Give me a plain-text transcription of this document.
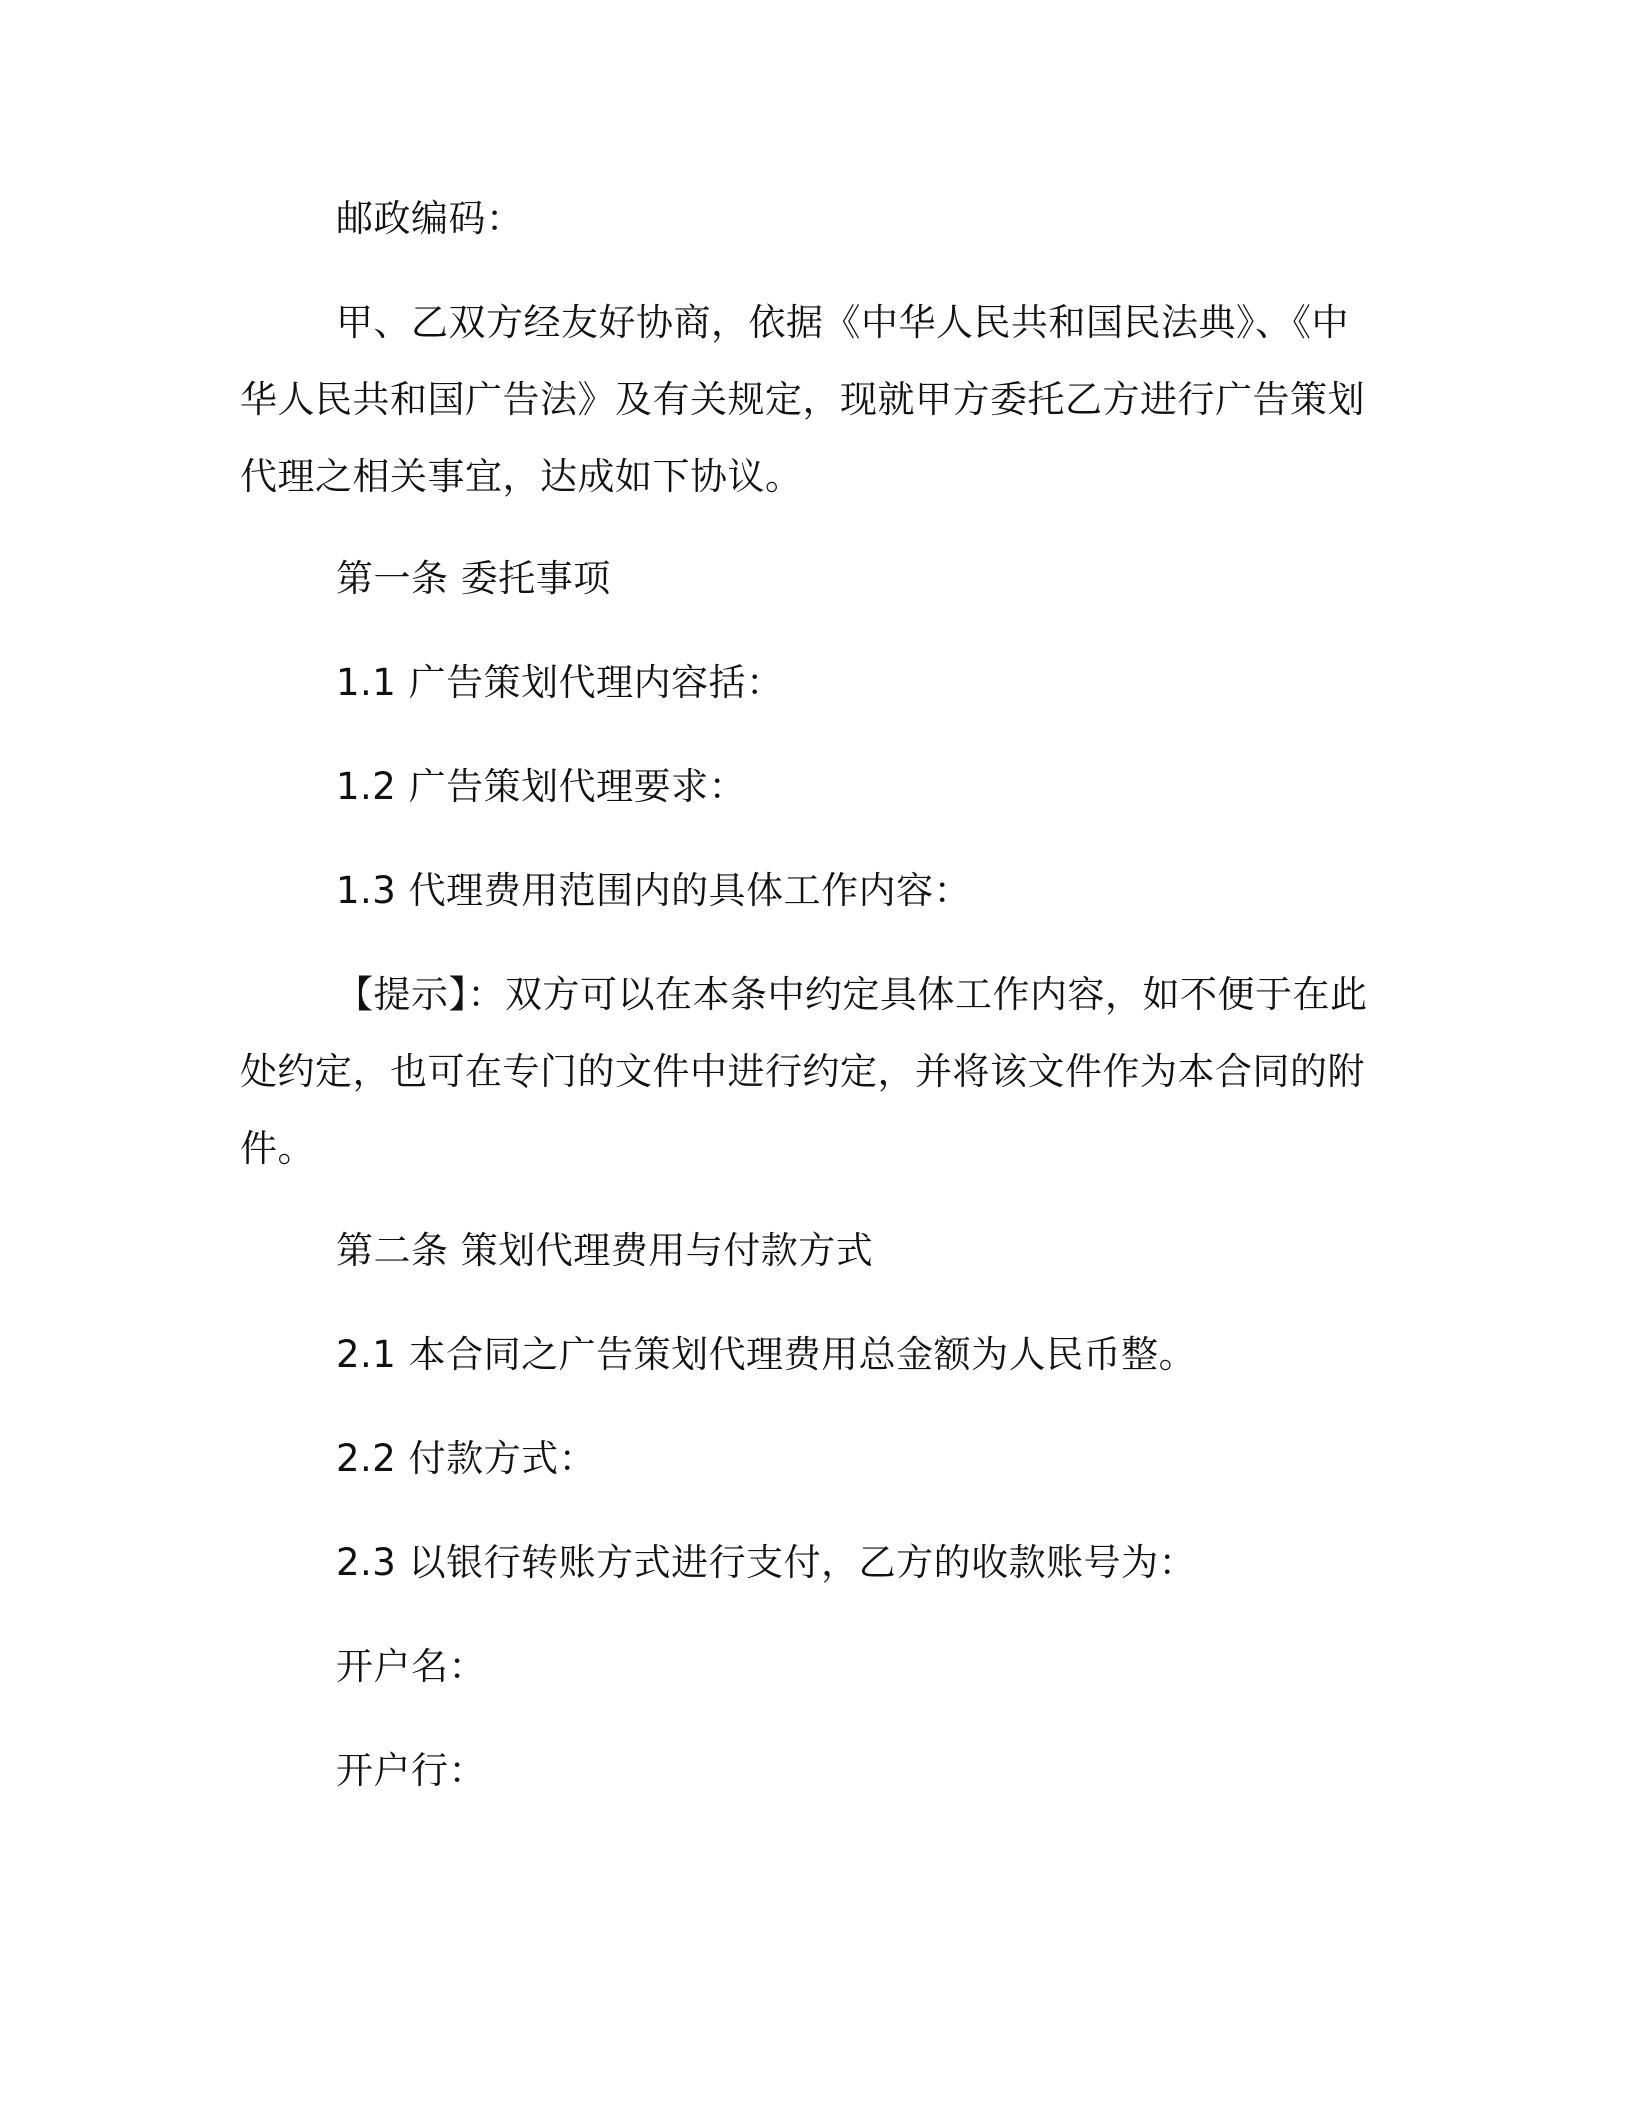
邮政编码：

甲、乙双方经友好协商，依据《中华人民共和国民法典》、《中华人民共和国广告法》及有关规定，现就甲方委托乙方进行广告策划代理之相关事宜，达成如下协议。

第一条 委托事项

1.1 广告策划代理内容括：

1.2 广告策划代理要求：

1.3 代理费用范围内的具体工作内容：

【提示】：双方可以在本条中约定具体工作内容，如不便于在此处约定，也可在专门的文件中进行约定，并将该文件作为本合同的附件。

第二条 策划代理费用与付款方式

2.1 本合同之广告策划代理费用总金额为人民币整。

2.2 付款方式：

2.3 以银行转账方式进行支付，乙方的收款账号为：

开户名：

开户行：
